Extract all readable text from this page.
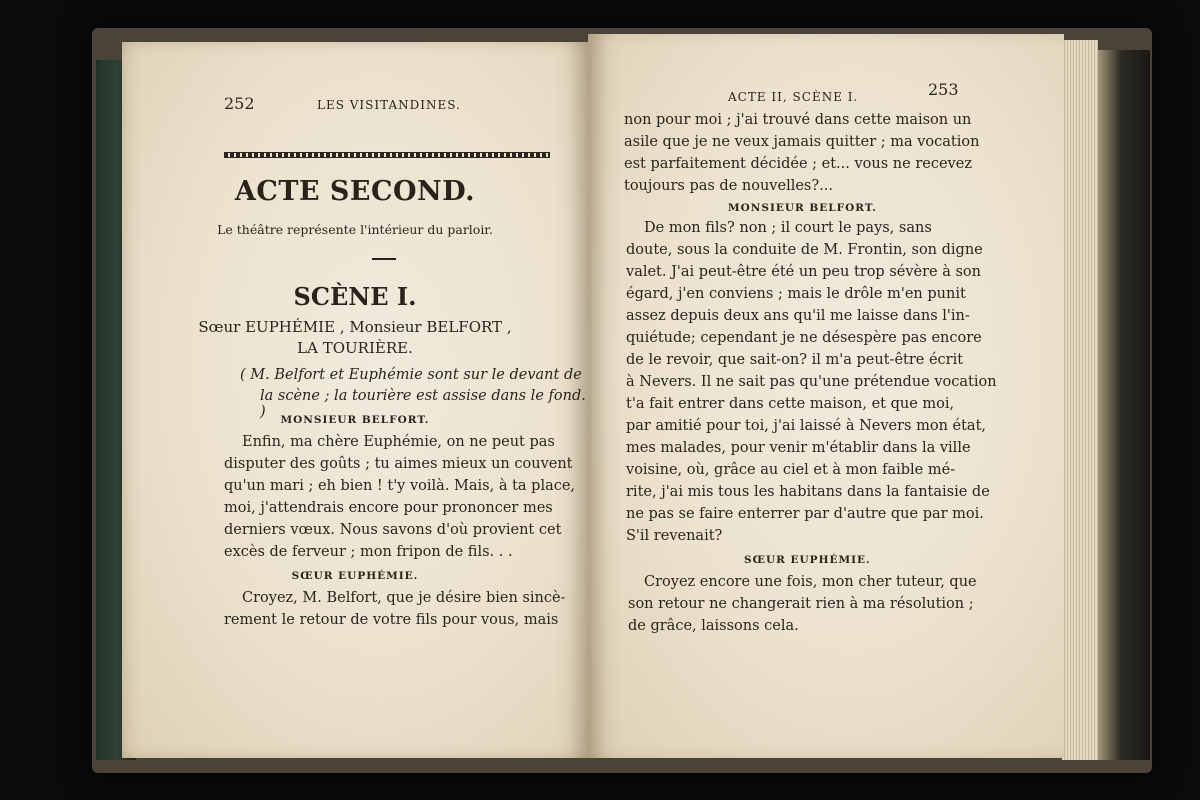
252	LES VISITANDINES.
ACTE SECOND.
Le théâtre représente l'intérieur du parloir.
SCÈNE I.
Sœur EUPHÉMIE , Monsieur BELFORT ,
LA TOURIÈRE.
( M. Belfort et Euphémie sont sur le devant de
la scène ; la tourière est assise dans le fond. )	MONSIEUR BELFORT.
Enfin, ma chère Euphémie, on ne peut pas
disputer des goûts ; tu aimes mieux un couvent
qu'un mari ; eh bien ! t'y voilà. Mais, à ta place,
moi, j'attendrais encore pour prononcer mes
derniers vœux. Nous savons d'où provient cet
excès de ferveur ; mon fripon de fils. . .
SŒUR EUPHÉMIE.
Croyez, M. Belfort, que je désire bien sincè-
rement le retour de votre fils pour vous, mais
ACTE II, SCÈNE I.	253
non pour moi ; j'ai trouvé dans cette maison un
asile que je ne veux jamais quitter ; ma vocation
est parfaitement décidée ; et... vous ne recevez
toujours pas de nouvelles?...
MONSIEUR BELFORT.
De mon fils? non ; il court le pays, sans
doute, sous la conduite de M. Frontin, son digne
valet. J'ai peut-être été un peu trop sévère à son
égard, j'en conviens ; mais le drôle m'en punit
assez depuis deux ans qu'il me laisse dans l'in-
quiétude; cependant je ne désespère pas encore
de le revoir, que sait-on? il m'a peut-être écrit
à Nevers. Il ne sait pas qu'une prétendue vocation
t'a fait entrer dans cette maison, et que moi,
par amitié pour toi, j'ai laissé à Nevers mon état,
mes malades, pour venir m'établir dans la ville
voisine, où, grâce au ciel et à mon faible mé-
rite, j'ai mis tous les habitans dans la fantaisie de
ne pas se faire enterrer par d'autre que par moi.
S'il revenait?
SŒUR EUPHÉMIE.
Croyez encore une fois, mon cher tuteur, que
son retour ne changerait rien à ma résolution ;
de grâce, laissons cela.
